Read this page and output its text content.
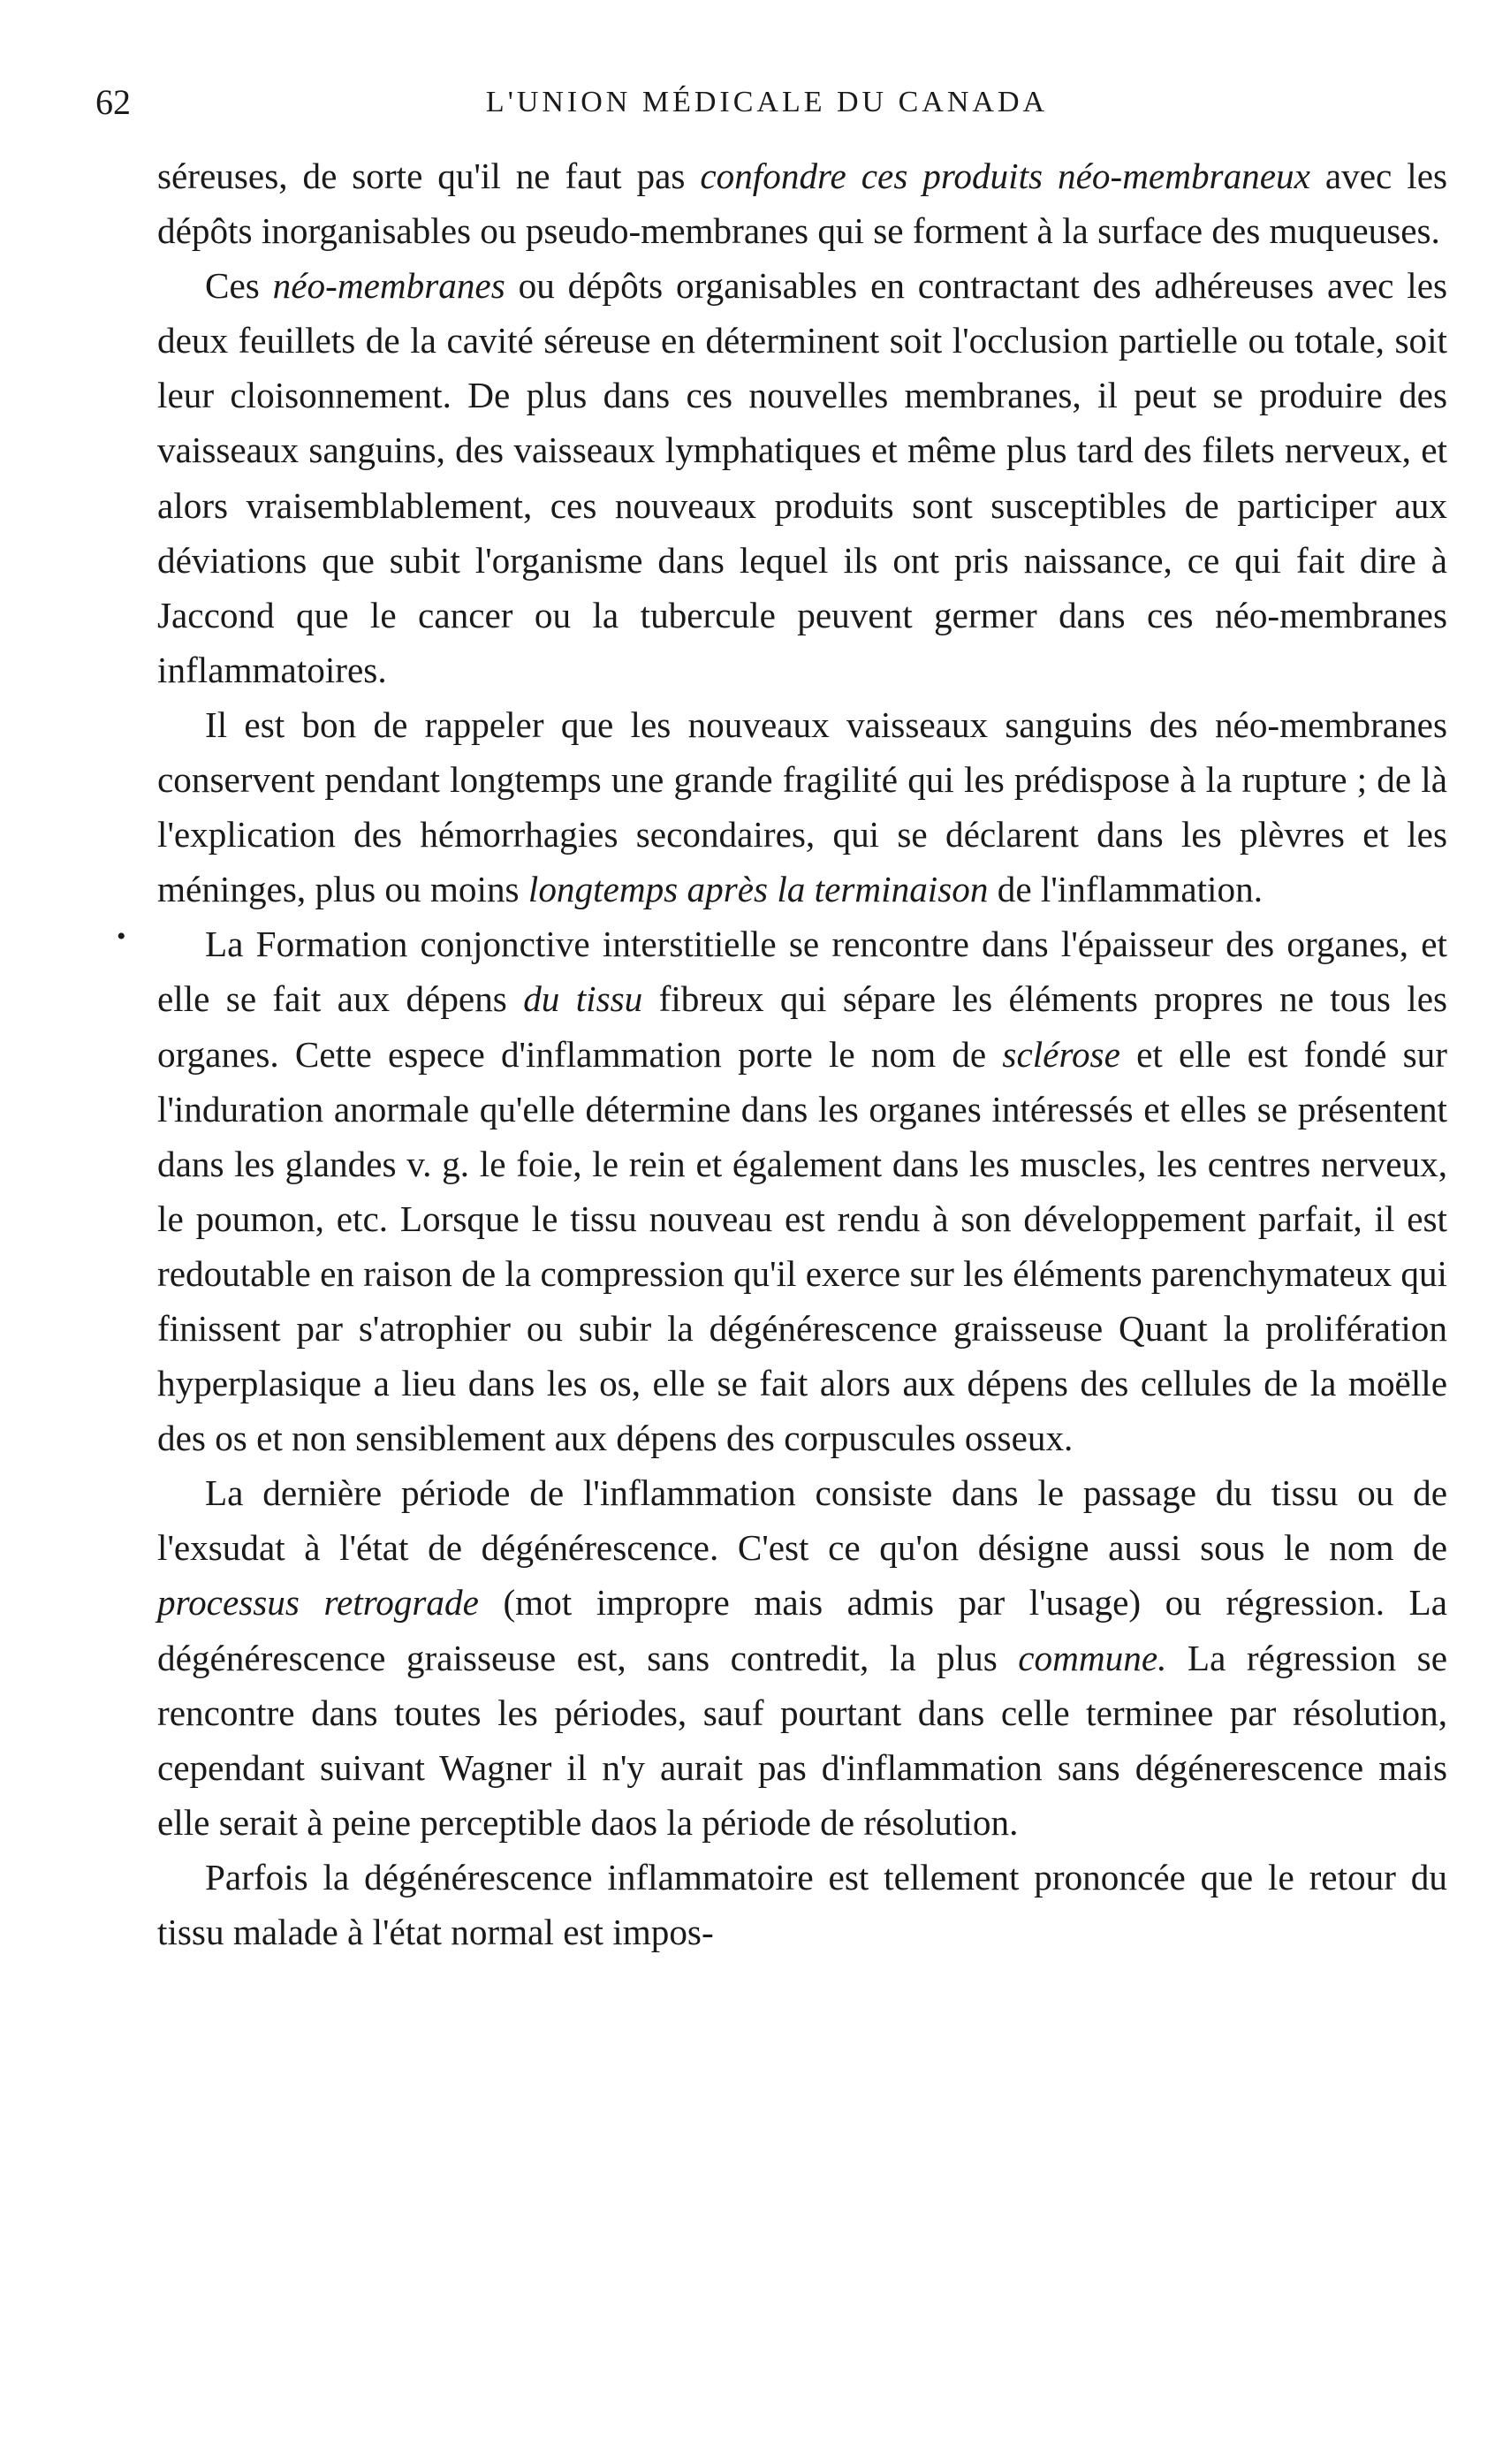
62	L'UNION MÉDICALE DU CANADA
•

séreuses, de sorte qu'il ne faut pas confondre ces produits néo-membraneux avec les dépôts inorganisables ou pseudo-membranes qui se forment à la surface des muqueuses.

Ces néo-membranes ou dépôts organisables en contractant des adhéreuses avec les deux feuillets de la cavité séreuse en déterminent soit l'occlusion partielle ou totale, soit leur cloisonnement. De plus dans ces nouvelles membranes, il peut se produire des vaisseaux sanguins, des vaisseaux lymphatiques et même plus tard des filets nerveux, et alors vraisemblablement, ces nouveaux produits sont susceptibles de participer aux déviations que subit l'organisme dans lequel ils ont pris naissance, ce qui fait dire à Jaccond que le cancer ou la tubercule peuvent germer dans ces néo-membranes inflammatoires.

Il est bon de rappeler que les nouveaux vaisseaux sanguins des néo-membranes conservent pendant longtemps une grande fragilité qui les prédispose à la rupture ; de là l'explication des hémorrhagies secondaires, qui se déclarent dans les plèvres et les méninges, plus ou moins longtemps après la terminaison de l'inflammation.

La Formation conjonctive interstitielle se rencontre dans l'épaisseur des organes, et elle se fait aux dépens du tissu fibreux qui sépare les éléments propres ne tous les organes. Cette espece d'inflammation porte le nom de sclérose et elle est fondé sur l'induration anormale qu'elle détermine dans les organes intéressés et elles se présentent dans les glandes v. g. le foie, le rein et également dans les muscles, les centres nerveux, le poumon, etc. Lorsque le tissu nouveau est rendu à son développement parfait, il est redoutable en raison de la compression qu'il exerce sur les éléments parenchymateux qui finissent par s'atrophier ou subir la dégénérescence graisseuse Quant la prolifération hyperplasique a lieu dans les os, elle se fait alors aux dépens des cellules de la moëlle des os et non sensiblement aux dépens des corpuscules osseux.

La dernière période de l'inflammation consiste dans le passage du tissu ou de l'exsudat à l'état de dégénérescence. C'est ce qu'on désigne aussi sous le nom de processus retrograde (mot impropre mais admis par l'usage) ou régression. La dégénérescence graisseuse est, sans contredit, la plus commune. La régression se rencontre dans toutes les périodes, sauf pourtant dans celle terminee par résolution, cependant suivant Wagner il n'y aurait pas d'inflammation sans dégénerescence mais elle serait à peine perceptible daos la période de résolution.

Parfois la dégénérescence inflammatoire est tellement prononcée que le retour du tissu malade à l'état normal est impos-
